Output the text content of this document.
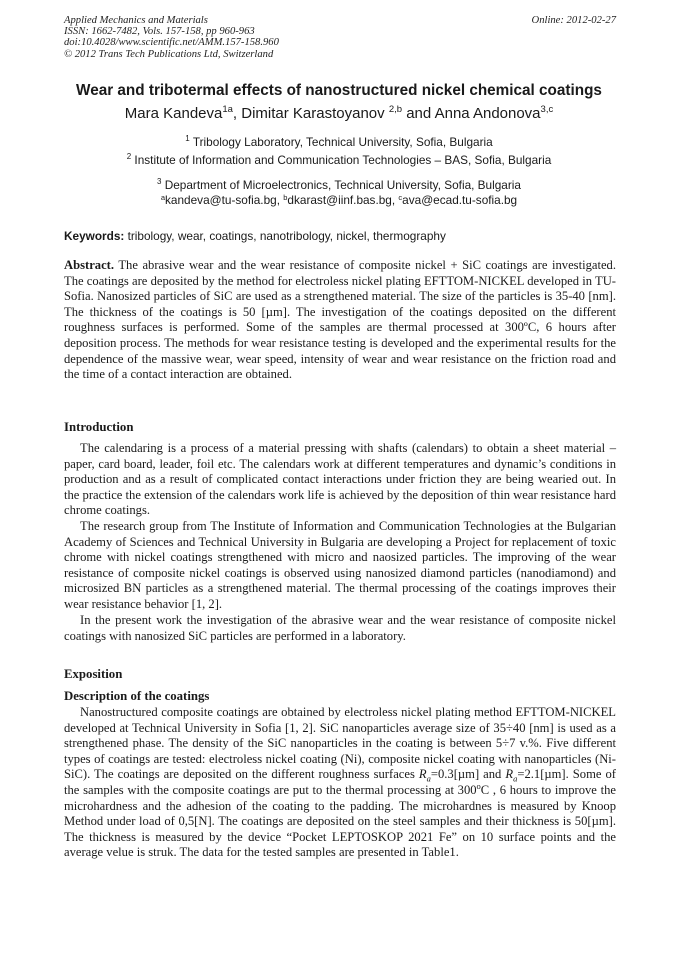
Applied Mechanics and Materials
ISSN: 1662-7482, Vols. 157-158, pp 960-963
doi:10.4028/www.scientific.net/AMM.157-158.960
© 2012 Trans Tech Publications Ltd, Switzerland
Online: 2012-02-27
Wear and tribotermal effects of nanostructured nickel chemical coatings
Mara Kandeva$^{1a}$, Dimitar Karastoyanov $^{2,b}$ and Anna Andonova$^{3,c}$
$^1$ Tribology Laboratory, Technical University, Sofia, Bulgaria
$^2$ Institute of Information and Communication Technologies – BAS, Sofia, Bulgaria
$^3$ Department of Microelectronics, Technical University, Sofia, Bulgaria
$^a$kandeva@tu-sofia.bg, $^b$dkarast@iinf.bas.bg, $^c$ava@ecad.tu-sofia.bg
Keywords: tribology, wear, coatings, nanotribology, nickel, thermography

Abstract. The abrasive wear and the wear resistance of composite nickel + SiC coatings are investigated. The coatings are deposited by the method for electroless nickel plating EFTTOM-NICKEL developed in TU-Sofia. Nanosized particles of SiC are used as a strengthened material. The size of the particles is 35-40 [nm]. The thickness of the coatings is 50 [µm]. The investigation of the coatings deposited on the different roughness surfaces is performed. Some of the samples are thermal processed at 300ºC, 6 hours after deposition process. The methods for wear resistance testing is developed and the experimental results for the dependence of the massive wear, wear speed, intensity of wear and wear resistance on the friction road and the time of a contact interaction are obtained.

Introduction

The calendaring is a process of a material pressing with shafts (calendars) to obtain a sheet material – paper, card board, leader, foil etc. The calendars work at different temperatures and dynamic’s conditions in production and as a result of complicated contact interactions under friction they are being wearied out. In the practice the extension of the calendars work life is achieved by the deposition of thin wear resistance hard chrome coatings.

The research group from The Institute of Information and Communication Technologies at the Bulgarian Academy of Sciences and Technical University in Bulgaria are developing a Project for replacement of toxic chrome with nickel coatings strengthened with micro and naosized particles. The improving of the wear resistance of composite nickel coatings is observed using nanosized diamond particles (nanodiamond) and microsized BN particles as a strengthened material. The thermal processing of the coatings improves their wear resistance behavior [1, 2].

In the present work the investigation of the abrasive wear and the wear resistance of composite nickel coatings with nanosized SiC particles are performed in a laboratory.

Exposition
Description of the coatings

Nanostructured composite coatings are obtained by electroless nickel plating method EFTTOM-NICKEL developed at Technical University in Sofia [1, 2]. SiC nanoparticles average size of 35÷40 [nm] is used as a strengthened phase. The density of the SiC nanoparticles in the coating is between 5÷7 v.%. Five different types of coatings are tested: electroless nickel coating (Ni), composite nickel coating with nanoparticles (Ni-SiC). The coatings are deposited on the different roughness surfaces $R_a=0.3[\mu m]$ and $R_a=2.1[\mu m]$. Some of the samples with the composite coatings are put to the thermal processing at 300$^o$C , 6 hours to improve the microhardness and the adhesion of the coating to the padding. The microhardnes is measured by Knoop Method under load of 0,5[N]. The coatings are deposited on the steel samples and their thickness is 50[µm]. The thickness is measured by the device “Pocket LEPTOSKOP 2021 Fe” on 10 surface points and the average velue is struk. The data for the tested samples are presented in Table1.
